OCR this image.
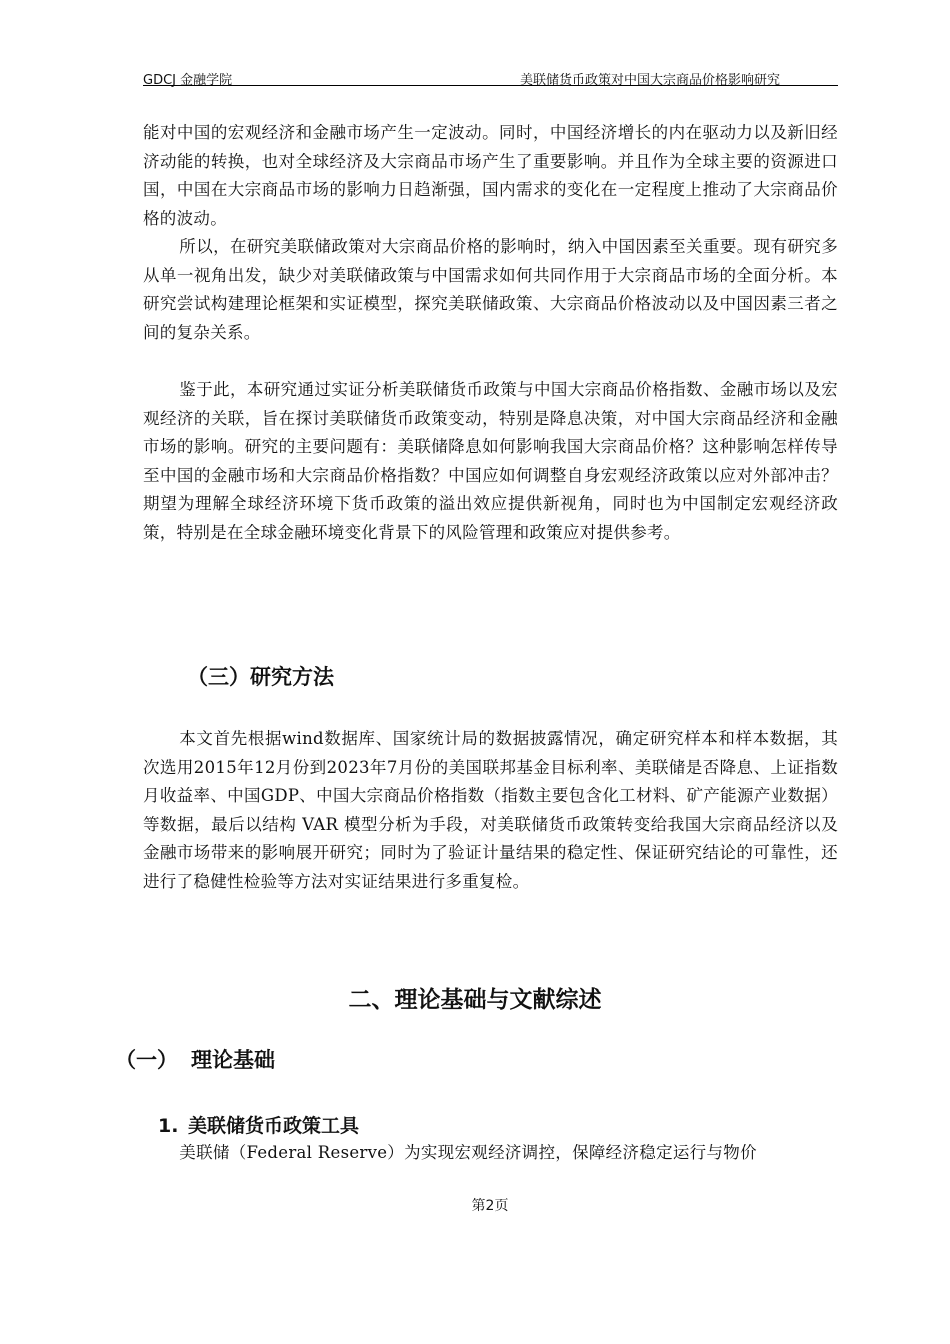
GDCJ 金融学院	美联储货币政策对中国大宗商品价格影响研究

能对中国的宏观经济和金融市场产生一定波动。同时，中国经济增长的内在驱动力以及新旧经济动能的转换，也对全球经济及大宗商品市场产生了重要影响。并且作为全球主要的资源进口国，中国在大宗商品市场的影响力日趋渐强，国内需求的变化在一定程度上推动了大宗商品价格的波动。

所以，在研究美联储政策对大宗商品价格的影响时，纳入中国因素至关重要。现有研究多从单一视角出发，缺少对美联储政策与中国需求如何共同作用于大宗商品市场的全面分析。本研究尝试构建理论框架和实证模型，探究美联储政策、大宗商品价格波动以及中国因素三者之间的复杂关系。

鉴于此，本研究通过实证分析美联储货币政策与中国大宗商品价格指数、金融市场以及宏观经济的关联，旨在探讨美联储货币政策变动，特别是降息决策，对中国大宗商品经济和金融市场的影响。研究的主要问题有：美联储降息如何影响我国大宗商品价格？这种影响怎样传导至中国的金融市场和大宗商品价格指数？中国应如何调整自身宏观经济政策以应对外部冲击？期望为理解全球经济环境下货币政策的溢出效应提供新视角，同时也为中国制定宏观经济政策，特别是在全球金融环境变化背景下的风险管理和政策应对提供参考。

（三）研究方法

本文首先根据wind数据库、国家统计局的数据披露情况，确定研究样本和样本数据，其次选用2015年12月份到2023年7月份的美国联邦基金目标利率、美联储是否降息、上证指数月收益率、中国GDP、中国大宗商品价格指数（指数主要包含化工材料、矿产能源产业数据）等数据，最后以结构 VAR 模型分析为手段，对美联储货币政策转变给我国大宗商品经济以及金融市场带来的影响展开研究；同时为了验证计量结果的稳定性、保证研究结论的可靠性，还进行了稳健性检验等方法对实证结果进行多重复检。

二、理论基础与文献综述
（一） 理论基础
1. 美联储货币政策工具

美联储（Federal Reserve）为实现宏观经济调控，保障经济稳定运行与物价

第2页
